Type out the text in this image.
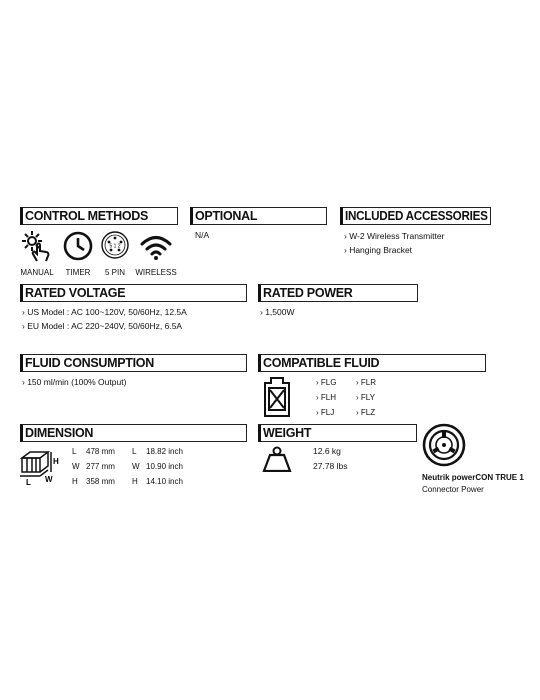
CONTROL METHODS
MANUAL	TIMER
5 1 2
5 PIN	WIRELESS
OPTIONAL
N/A
INCLUDED ACCESSORIES
› W-2 Wireless Transmitter
› Hanging Bracket
RATED VOLTAGE
› US Model : AC 100~120V, 50/60Hz, 12.5A
› EU Model : AC 220~240V, 50/60Hz, 6.5A
RATED POWER
› 1,500W
FLUID CONSUMPTION
› 150 ml/min (100% Output)
COMPATIBLE FLUID
› FLG
› FLH
› FLJ
› FLR
› FLY
› FLZ
DIMENSION
H
L W
L 478 mm L 18.82 inch
W 277 mm W 10.90 inch
H 358 mm H 14.10 inch
WEIGHT
12.6 kg
27.78 lbs
Neutrik powerCON TRUE 1
Connector Power
